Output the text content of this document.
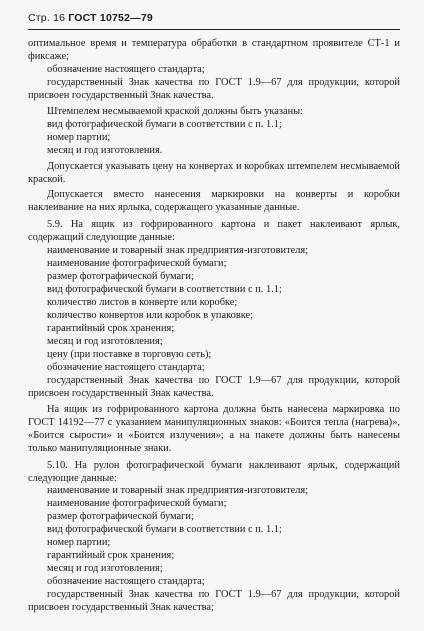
Стр. 16 ГОСТ 10752—79

оптимальное время и температура обработки в стандартном проявителе СТ-1 и фиксаже;

обозначение настоящего стандарта;

государственный Знак качества по ГОСТ 1.9—67 для продукции, которой присвоен государственный Знак качества.

Штемпелем несмываемой краской должны быть указаны:

вид фотографической бумаги в соответствии с п. 1.1;

номер партии;

месяц и год изготовления.

Допускается указывать цену на конвертах и коробках штемпелем несмываемой краской.

Допускается вместо нанесения маркировки на конверты и коробки наклеивание на них ярлыка, содержащего указанные данные.

5.9. На ящик из гофрированного картона и пакет наклеивают ярлык, содержащий следующие данные:

наименование и товарный знак предприятия-изготовителя;

наименование фотографической бумаги;

размер фотографической бумаги;

вид фотографической бумаги в соответствии с п. 1.1;

количество листов в конверте или коробке;

количество конвертов или коробок в упаковке;

гарантийный срок хранения;

месяц и год изготовления;

цену (при поставке в торговую сеть);

обозначение настоящего стандарта;

государственный Знак качества по ГОСТ 1.9—67 для продукции, которой присвоен государственный Знак качества.

На ящик из гофрированного картона должна быть нанесена маркировка по ГОСТ 14192—77 с указанием манипуляционных знаков: «Боится тепла (нагрева)», «Боится сырости» и «Боится излучения»; а на пакете должны быть нанесены только манипуляционные знаки.

5.10. На рулон фотографической бумаги наклеивают ярлык, содержащий следующие данные:

наименование и товарный знак предприятия-изготовителя;

наименование фотографической бумаги;

размер фотографической бумаги;

вид фотографической бумаги в соответствии с п. 1.1;

номер партии;

гарантийный срок хранения;

месяц и год изготовления;

обозначение настоящего стандарта;

государственный Знак качества по ГОСТ 1.9—67 для продукции, которой присвоен государственный Знак качества;
